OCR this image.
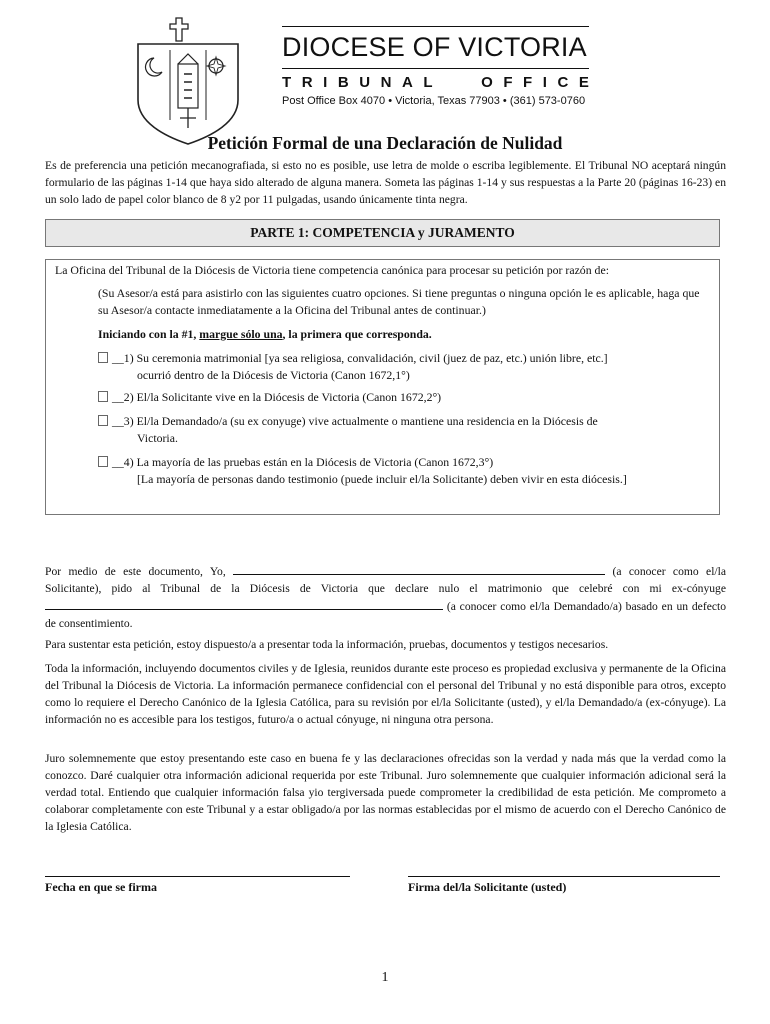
DIOCESE OF VICTORIA
T R I B U N A L	O F F I C E
Post Office Box 4070 • Victoria, Texas 77903 • (361) 573-0760
Petición Formal de una Declaración de Nulidad
Es de preferencia una petición mecanografiada, si esto no es posible, use letra de molde o escriba legiblemente. El Tribunal NO aceptará ningún formulario de las páginas 1-14 que haya sido alterado de alguna manera. Someta las páginas 1-14 y sus respuestas a la Parte 20 (páginas 16-23) en un solo lado de papel color blanco de 8 y2 por 11 pulgadas, usando únicamente tinta negra.
PARTE 1: COMPETENCIA y JURAMENTO
La Oficina del Tribunal de la Diócesis de Victoria tiene competencia canónica para procesar su petición por razón de:
(Su Asesor/a está para asistirlo con las siguientes cuatro opciones. Si tiene preguntas o ninguna opción le es aplicable, haga que su Asesor/a contacte inmediatamente a la Oficina del Tribunal antes de continuar.)
Iniciando con la #1, margue sólo una, la primera que corresponda.
__1) Su ceremonia matrimonial [ya sea religiosa, convalidación, civil (juez de paz, etc.) unión libre, etc.]
ocurrió dentro de la Diócesis de Victoria (Canon 1672,1°)
__2) El/la Solicitante vive en la Diócesis de Victoria (Canon 1672,2°)
__3) El/la Demandado/a (su ex conyuge) vive actualmente o mantiene una residencia en la Diócesis de
Victoria.
__4) La mayoría de las pruebas están en la Diócesis de Victoria (Canon 1672,3°)
[La mayoría de personas dando testimonio (puede incluir el/la Solicitante) deben vivir en esta diócesis.]
Por medio de este documento, Yo,	(a conocer como el/la Solicitante), pido al Tribunal de la Diócesis de Victoria que declare nulo el matrimonio que celebré con mi ex-cónyuge  (a conocer como el/la Demandado/a) basado en un defecto de consentimiento.
Para sustentar esta petición, estoy dispuesto/a a presentar toda la información, pruebas, documentos y testigos necesarios.
Toda la información, incluyendo documentos civiles y de Iglesia, reunidos durante este proceso es propiedad exclusiva y permanente de la Oficina del Tribunal la Diócesis de Victoria. La información permanece confidencial con el personal del Tribunal y no está disponible para otros, excepto como lo requiere el Derecho Canónico de la Iglesia Católica, para su revisión por el/la Solicitante (usted), y el/la Demandado/a (ex-cónyuge). La información no es accesible para los testigos, futuro/a o actual cónyuge, ni ninguna otra persona.
Juro solemnemente que estoy presentando este caso en buena fe y las declaraciones ofrecidas son la verdad y nada más que la verdad como la conozco. Daré cualquier otra información adicional requerida por este Tribunal. Juro solemnemente que cualquier información adicional será la verdad total. Entiendo que cualquier información falsa yio tergiversada puede comprometer la credibilidad de esta petición. Me comprometo a colaborar completamente con este Tribunal y a estar obligado/a por las normas establecidas por el mismo de acuerdo con el Derecho Canónico de la Iglesia Católica.
Fecha en que se firma	Firma del/la Solicitante (usted)
1
